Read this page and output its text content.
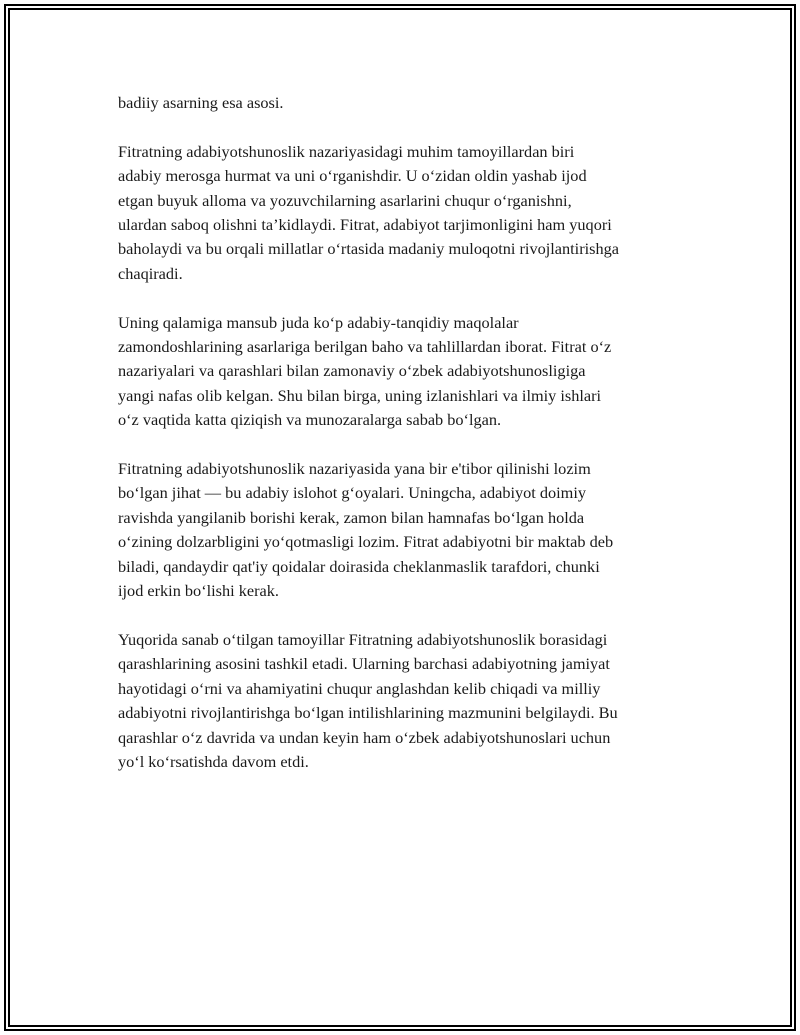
badiiy asarning esa asosi.

Fitratning adabiyotshunoslik nazariyasidagi muhim tamoyillardan biri
adabiy merosga hurmat va uni o‘rganishdir. U o‘zidan oldin yashab ijod
etgan buyuk alloma va yozuvchilarning asarlarini chuqur o‘rganishni,
ulardan saboq olishni ta’kidlaydi. Fitrat, adabiyot tarjimonligini ham yuqori
baholaydi va bu orqali millatlar o‘rtasida madaniy muloqotni rivojlantirishga
chaqiradi.

Uning qalamiga mansub juda ko‘p adabiy-tanqidiy maqolalar
zamondoshlarining asarlariga berilgan baho va tahlillardan iborat. Fitrat o‘z
nazariyalari va qarashlari bilan zamonaviy o‘zbek adabiyotshunosligiga
yangi nafas olib kelgan. Shu bilan birga, uning izlanishlari va ilmiy ishlari
o‘z vaqtida katta qiziqish va munozaralarga sabab bo‘lgan.

Fitratning adabiyotshunoslik nazariyasida yana bir e'tibor qilinishi lozim
bo‘lgan jihat — bu adabiy islohot g‘oyalari. Uningcha, adabiyot doimiy
ravishda yangilanib borishi kerak, zamon bilan hamnafas bo‘lgan holda
o‘zining dolzarbligini yo‘qotmasligi lozim. Fitrat adabiyotni bir maktab deb
biladi, qandaydir qat'iy qoidalar doirasida cheklanmaslik tarafdori, chunki
ijod erkin bo‘lishi kerak.

Yuqorida sanab o‘tilgan tamoyillar Fitratning adabiyotshunoslik borasidagi
qarashlarining asosini tashkil etadi. Ularning barchasi adabiyotning jamiyat
hayotidagi o‘rni va ahamiyatini chuqur anglashdan kelib chiqadi va milliy
adabiyotni rivojlantirishga bo‘lgan intilishlarining mazmunini belgilaydi. Bu
qarashlar o‘z davrida va undan keyin ham o‘zbek adabiyotshunoslari uchun
yo‘l ko‘rsatishda davom etdi.
